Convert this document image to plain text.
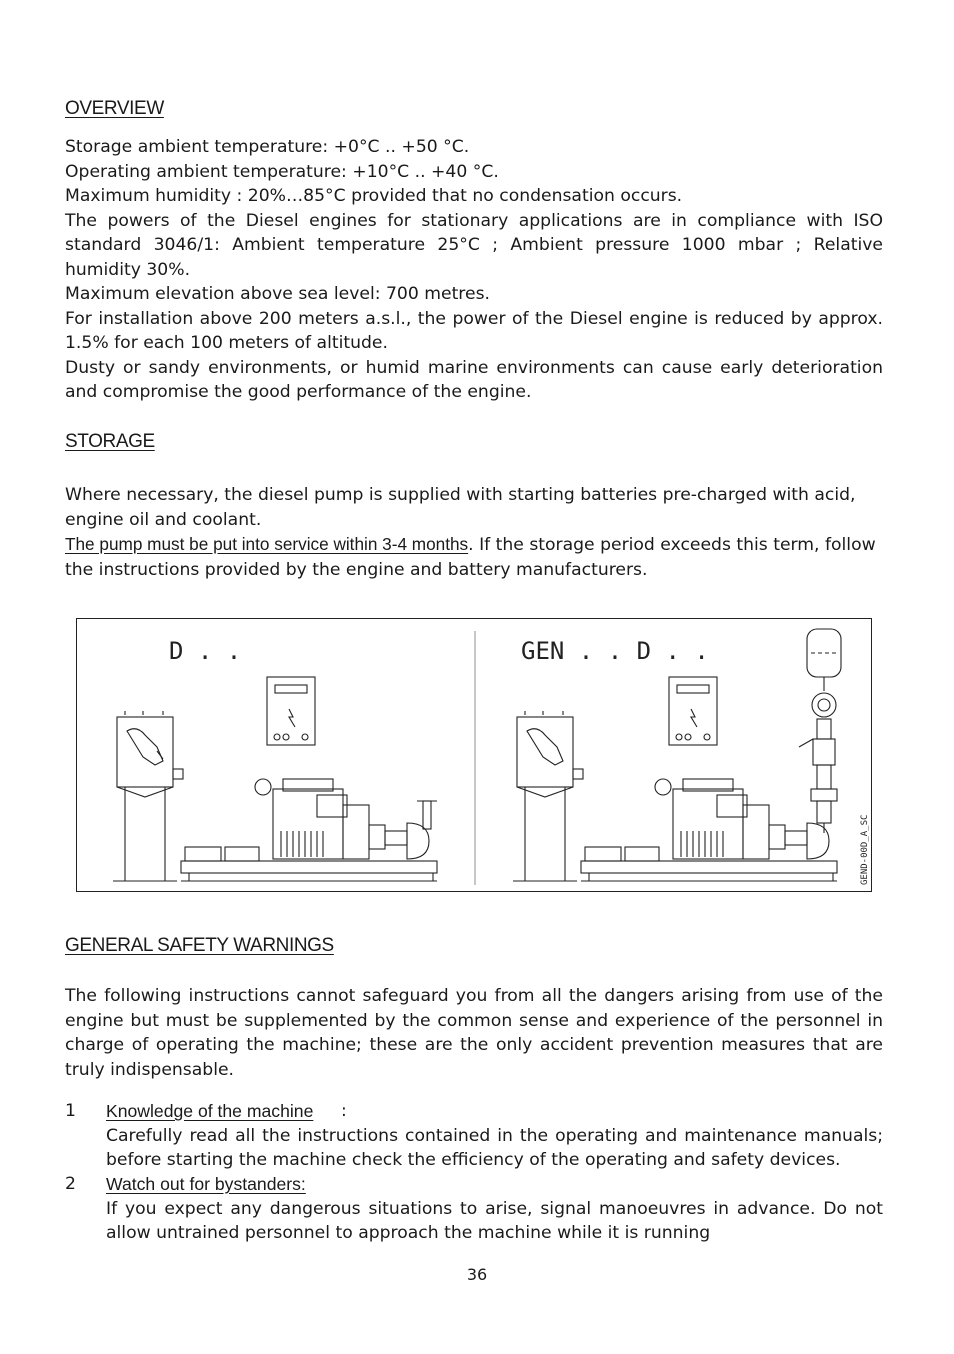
OVERVIEW
Storage ambient temperature: +0°C .. +50 °C.
Operating ambient temperature: +10°C .. +40 °C.
Maximum humidity : 20%…85°C provided that no condensation occurs.
The powers of the Diesel engines for stationary applications are in compliance with ISO standard 3046/1: Ambient temperature 25°C ; Ambient pressure 1000 mbar ; Relative humidity 30%.
Maximum elevation above sea level: 700 metres.
For installation above 200 meters a.s.l., the power of the Diesel engine is reduced by approx. 1.5% for each 100 meters of altitude.
Dusty or sandy environments, or humid marine environments can cause early deterioration and compromise the good performance of the engine.
STORAGE
Where necessary, the diesel pump is supplied with starting batteries pre-charged with acid, engine oil and coolant.
The pump must be put into service within 3-4 months. If the storage period exceeds this term, follow the instructions provided by the engine and battery manufacturers.
GENERAL SAFETY WARNINGS
The following instructions cannot safeguard you from all the dangers arising from use of the engine but must be supplemented by the common sense and experience of the personnel in charge of operating the machine; these are the only accident prevention measures that are truly indispensable.
1	Knowledge of the machine :
Carefully read all the instructions contained in the operating and maintenance manuals; before starting the machine check the efficiency of the operating and safety devices.
2	Watch out for bystanders:
If you expect any dangerous situations to arise, signal manoeuvres in advance. Do not allow untrained personnel to approach the machine while it is running
D . .	GEN . . D . .
GEND-00D_A_SC
36
